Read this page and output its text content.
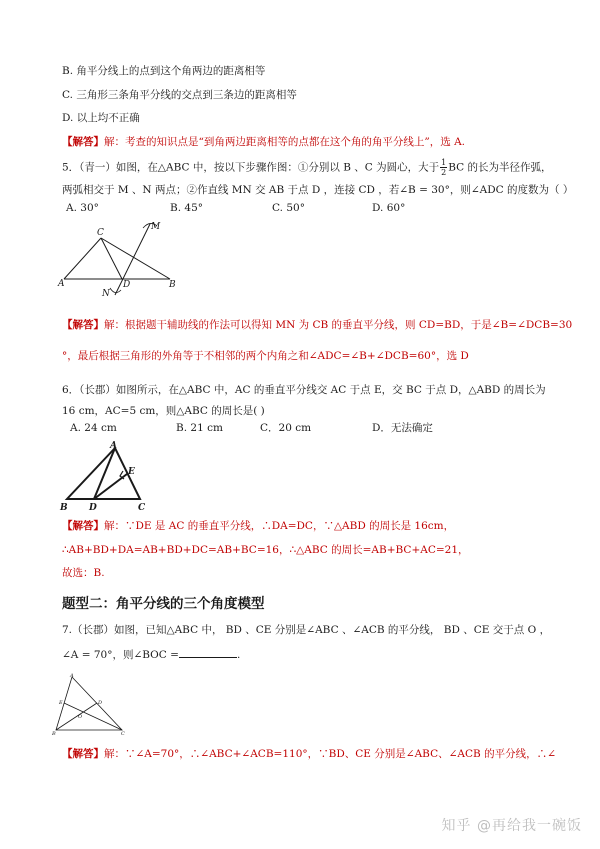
B. 角平分线上的点到这个角两边的距离相等
C. 三角形三条角平分线的交点到三条边的距离相等
D. 以上均不正确
【解答】解：考查的知识点是“到角两边距离相等的点都在这个角的角平分线上”，选 A.
5．（青一）如图，在△ABC 中，按以下步骤作图：①分别以 B 、C 为圆心，大于 $\frac{1}{2}$ BC 的长为半径作弧，
两弧相交于 M 、N 两点；②作直线 MN 交 AB 于点 D ，连接 CD ，若∠B = 30°，则∠ADC 的度数为（ ）
A. 30°	B. 45°	C. 50°	D. 60°
C
M
A
N
D	B
【解答】解：根据题干辅助线的作法可以得知 MN 为 CB 的垂直平分线，则 CD=BD，于是∠B=∠DCB=30
°，最后根据三角形的外角等于不相邻的两个内角之和∠ADC=∠B+∠DCB=60°，选 D
6．（长郡）如图所示，在△ABC 中，AC 的垂直平分线交 AC 于点 E，交 BC 于点 D，△ABD 的周长为
16 cm，AC=5 cm，则△ABC 的周长是( )
A. 24 cm	B. 21 cm	C．20 cm	D．无法确定
A
E
B D	C
【解答】解：∵DE 是 AC 的垂直平分线，∴DA=DC，∵△ABD 的周长是 16cm，
∴AB+BD+DA=AB+BD+DC=AB+BC=16，∴△ABC 的周长=AB+BC+AC=21，
故选：B.
题型二：角平分线的三个角度模型
7.（长郡）如图，已知△ABC 中， BD 、CE 分别是∠ABC 、∠ACB 的平分线， BD 、CE 交于点 O ，
∠A = 70°，则∠BOC =	.
A
E	D
O
B	C
【解答】解：∵∠A=70°，∴∠ABC+∠ACB=110°，∵BD、CE 分别是∠ABC、∠ACB 的平分线，∴∠
知乎 @再给我一碗饭
